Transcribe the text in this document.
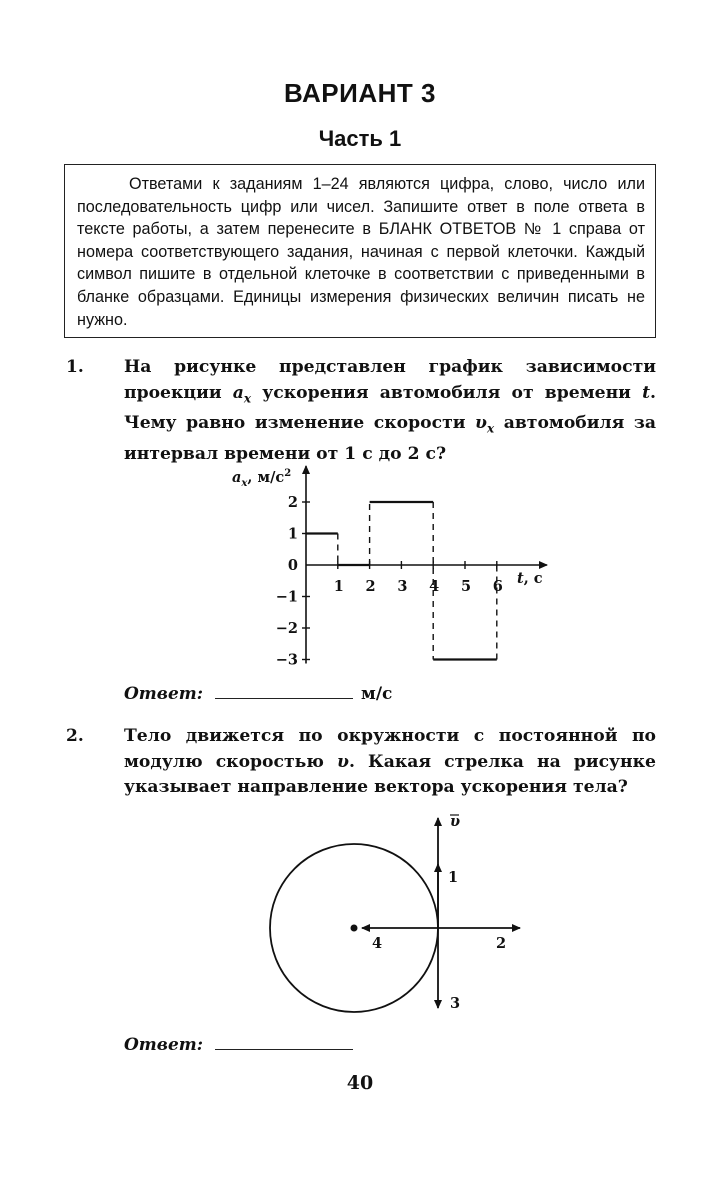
ВАРИАНТ 3
Часть 1

Ответами к заданиям 1–24 являются цифра, слово, число или последовательность цифр или чисел. Запишите ответ в поле ответа в тексте работы, а затем перенесите в БЛАНК ОТВЕТОВ № 1 справа от номера соответствующего задания, начиная с первой клеточки. Каждый символ пишите в отдельной клеточке в соответствии с приведенными в бланке образцами. Единицы измерения физических величин писать не нужно.

1. На рисунке представлен график зависимости проекции $a_x$ ускорения автомобиля от времени t. Чему равно изменение скорости $\upsilon_x$ автомобиля за интервал времени от 1 с до 2 с?
2
1
0
−1
−2
−3
1 2 3 4 5 6
$a_x$, $м/с^2$
t, с
υ
1
2
3
4
Ответ:	м/с
2. Тело движется по окружности с постоянной по модулю скоростью υ. Какая стрелка на рисунке указывает направление вектора ускорения тела?
Ответ:
40
